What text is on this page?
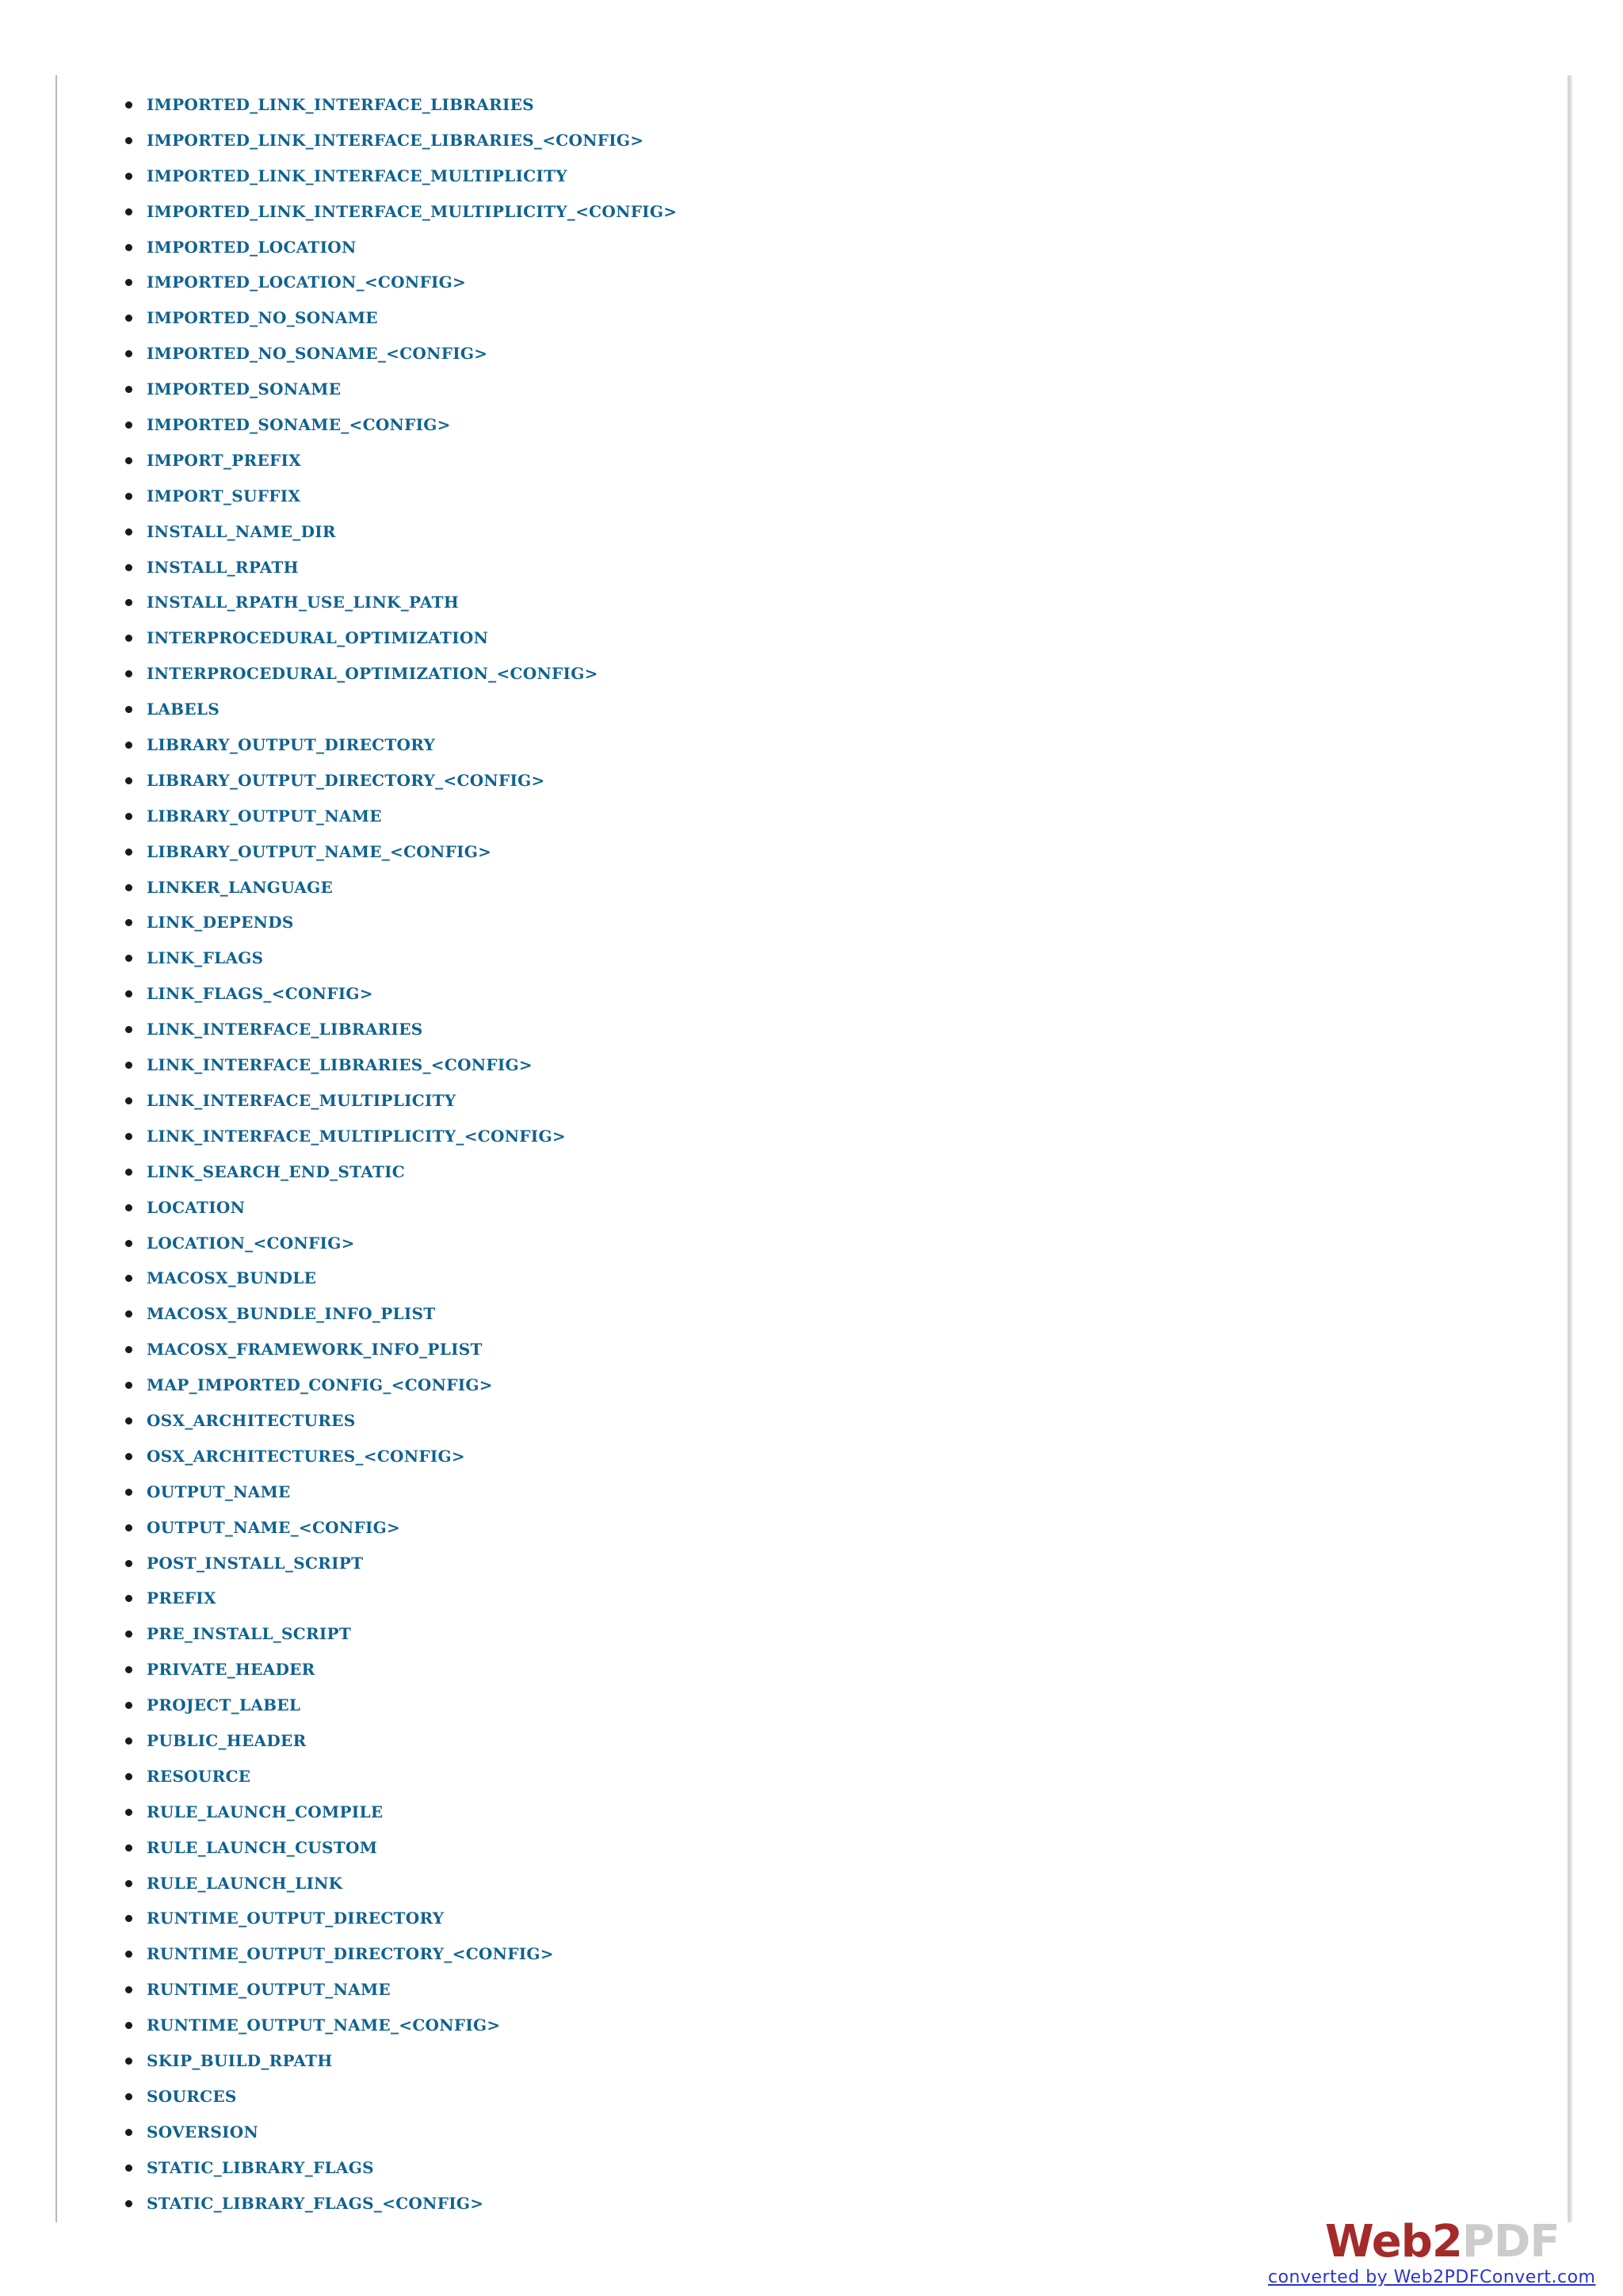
IMPORTED_LINK_INTERFACE_LIBRARIES
IMPORTED_LINK_INTERFACE_LIBRARIES_<CONFIG>
IMPORTED_LINK_INTERFACE_MULTIPLICITY
IMPORTED_LINK_INTERFACE_MULTIPLICITY_<CONFIG>
IMPORTED_LOCATION
IMPORTED_LOCATION_<CONFIG>
IMPORTED_NO_SONAME
IMPORTED_NO_SONAME_<CONFIG>
IMPORTED_SONAME
IMPORTED_SONAME_<CONFIG>
IMPORT_PREFIX
IMPORT_SUFFIX
INSTALL_NAME_DIR
INSTALL_RPATH
INSTALL_RPATH_USE_LINK_PATH
INTERPROCEDURAL_OPTIMIZATION
INTERPROCEDURAL_OPTIMIZATION_<CONFIG>
LABELS
LIBRARY_OUTPUT_DIRECTORY
LIBRARY_OUTPUT_DIRECTORY_<CONFIG>
LIBRARY_OUTPUT_NAME
LIBRARY_OUTPUT_NAME_<CONFIG>
LINKER_LANGUAGE
LINK_DEPENDS
LINK_FLAGS
LINK_FLAGS_<CONFIG>
LINK_INTERFACE_LIBRARIES
LINK_INTERFACE_LIBRARIES_<CONFIG>
LINK_INTERFACE_MULTIPLICITY
LINK_INTERFACE_MULTIPLICITY_<CONFIG>
LINK_SEARCH_END_STATIC
LOCATION
LOCATION_<CONFIG>
MACOSX_BUNDLE
MACOSX_BUNDLE_INFO_PLIST
MACOSX_FRAMEWORK_INFO_PLIST
MAP_IMPORTED_CONFIG_<CONFIG>
OSX_ARCHITECTURES
OSX_ARCHITECTURES_<CONFIG>
OUTPUT_NAME
OUTPUT_NAME_<CONFIG>
POST_INSTALL_SCRIPT
PREFIX
PRE_INSTALL_SCRIPT
PRIVATE_HEADER
PROJECT_LABEL
PUBLIC_HEADER
RESOURCE
RULE_LAUNCH_COMPILE
RULE_LAUNCH_CUSTOM
RULE_LAUNCH_LINK
RUNTIME_OUTPUT_DIRECTORY
RUNTIME_OUTPUT_DIRECTORY_<CONFIG>
RUNTIME_OUTPUT_NAME
RUNTIME_OUTPUT_NAME_<CONFIG>
SKIP_BUILD_RPATH
SOURCES
SOVERSION
STATIC_LIBRARY_FLAGS
STATIC_LIBRARY_FLAGS_<CONFIG>
Web2PDF
converted by Web2PDFConvert.com
